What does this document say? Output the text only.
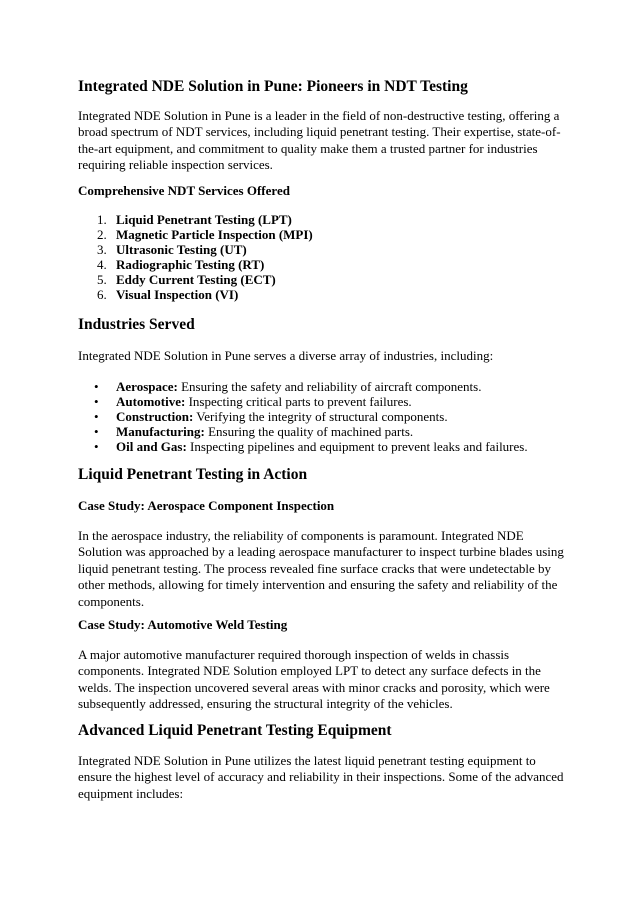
Integrated NDE Solution in Pune: Pioneers in NDT Testing

Integrated NDE Solution in Pune is a leader in the field of non-destructive testing, offering a broad spectrum of NDT services, including liquid penetrant testing. Their expertise, state-of-the-art equipment, and commitment to quality make them a trusted partner for industries requiring reliable inspection services.

Comprehensive NDT Services Offered
1. Liquid Penetrant Testing (LPT)
2. Magnetic Particle Inspection (MPI)
3. Ultrasonic Testing (UT)
4. Radiographic Testing (RT)
5. Eddy Current Testing (ECT)
6. Visual Inspection (VI)
Industries Served

Integrated NDE Solution in Pune serves a diverse array of industries, including:

• Aerospace: Ensuring the safety and reliability of aircraft components.
• Automotive: Inspecting critical parts to prevent failures.
• Construction: Verifying the integrity of structural components.
• Manufacturing: Ensuring the quality of machined parts.
• Oil and Gas: Inspecting pipelines and equipment to prevent leaks and failures.
Liquid Penetrant Testing in Action
Case Study: Aerospace Component Inspection

In the aerospace industry, the reliability of components is paramount. Integrated NDE Solution was approached by a leading aerospace manufacturer to inspect turbine blades using liquid penetrant testing. The process revealed fine surface cracks that were undetectable by other methods, allowing for timely intervention and ensuring the safety and reliability of the components.

Case Study: Automotive Weld Testing

A major automotive manufacturer required thorough inspection of welds in chassis components. Integrated NDE Solution employed LPT to detect any surface defects in the welds. The inspection uncovered several areas with minor cracks and porosity, which were subsequently addressed, ensuring the structural integrity of the vehicles.

Advanced Liquid Penetrant Testing Equipment

Integrated NDE Solution in Pune utilizes the latest liquid penetrant testing equipment to ensure the highest level of accuracy and reliability in their inspections. Some of the advanced equipment includes:
